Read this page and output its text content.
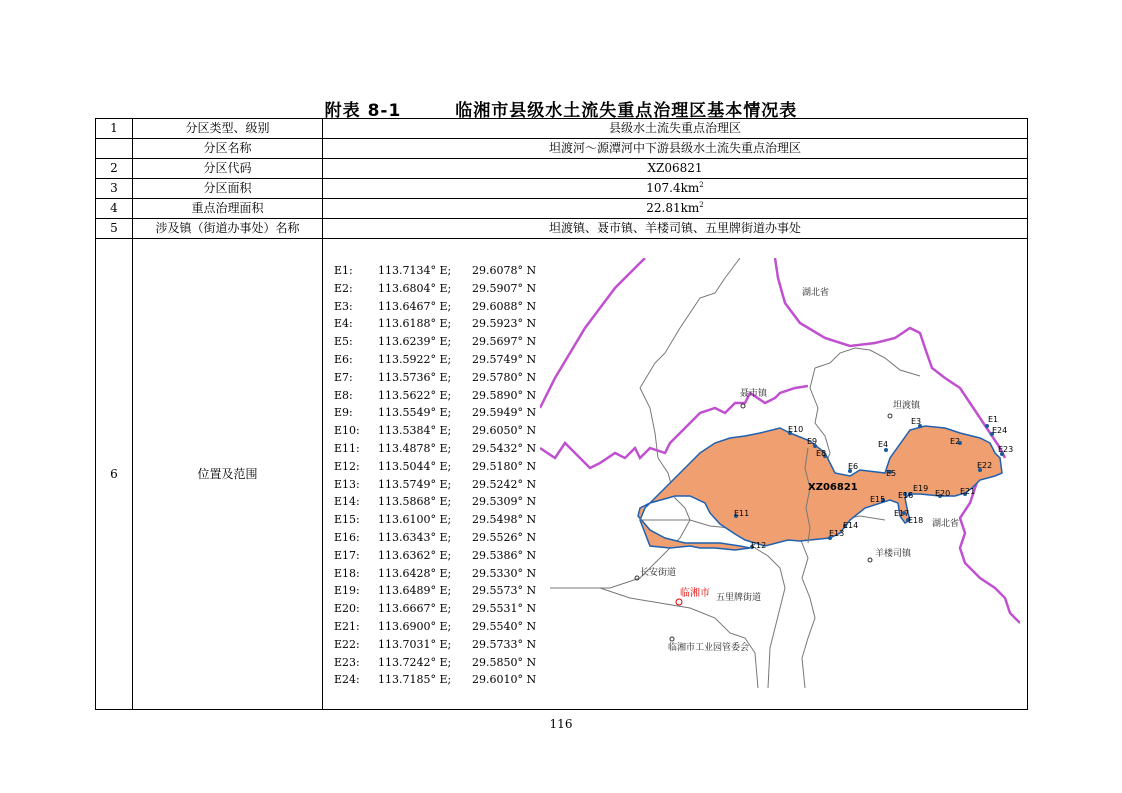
附表 8-1　　　临湘市县级水土流失重点治理区基本情况表
1	分区类型、级别	县级水土流失重点治理区
	分区名称	坦渡河～源潭河中下游县级水土流失重点治理区
2	分区代码	XZ06821
3	分区面积	$107.4km^2$
4	重点治理面积	$22.81km^2$
5	涉及镇（街道办事处）名称	坦渡镇、聂市镇、羊楼司镇、五里牌街道办事处
6	位置及范围	
E1:	113.7134° E;	29.6078° N
E2:	113.6804° E;	29.5907° N
E3:	113.6467° E;	29.6088° N
E4:	113.6188° E;	29.5923° N
E5:	113.6239° E;	29.5697° N
E6:	113.5922° E;	29.5749° N
E7:	113.5736° E;	29.5780° N
E8:	113.5622° E;	29.5890° N
E9:	113.5549° E;	29.5949° N
E10:	113.5384° E;	29.6050° N
E11:	113.4878° E;	29.5432° N
E12:	113.5044° E;	29.5180° N
E13:	113.5749° E;	29.5242° N
E14:	113.5868° E;	29.5309° N
E15:	113.6100° E;	29.5498° N
E16:	113.6343° E;	29.5526° N
E17:	113.6362° E;	29.5386° N
E18:	113.6428° E;	29.5330° N
E19:	113.6489° E;	29.5573° N
E20:	113.6667° E;	29.5531° N
E21:	113.6900° E;	29.5540° N
E22:	113.7031° E;	29.5733° N
E23:	113.7242° E;	29.5850° N
E24:	113.7185° E;	29.6010° N
E1
E2
E3
E4
E5
E6
E8
E9
E10
E11
E12
E13
E14
E15 E16
E17
E18
E19
E20 E21
E22
E23
E24
湖北省
聂市镇
坦渡镇
XZ06821
湖北省
羊楼司镇
长安街道
临湘市 五里牌街道
临湘市工业园管委会
116
